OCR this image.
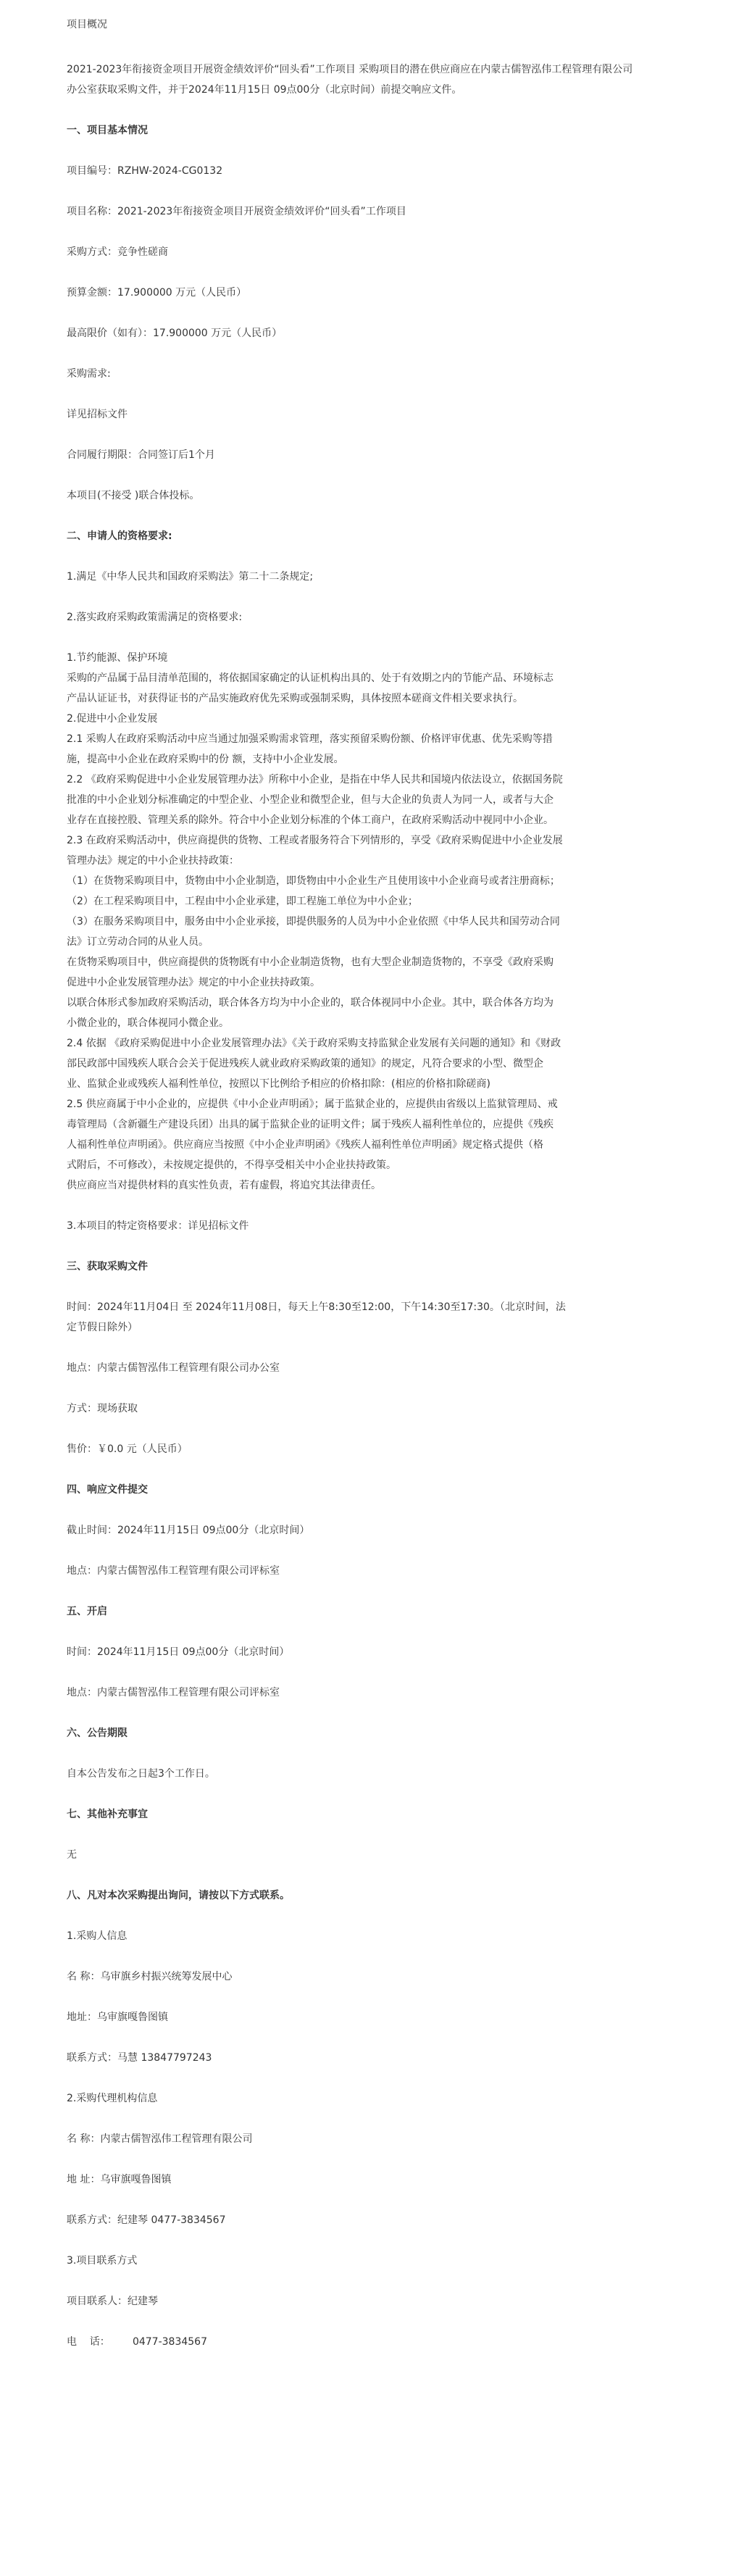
项目概况
2021-2023年衔接资金项目开展资金绩效评价“回头看”工作项目 采购项目的潜在供应商应在内蒙古儒智泓伟工程管理有限公司办公室获取采购文件，并于2024年11月15日 09点00分（北京时间）前提交响应文件。
一、项目基本情况
项目编号：RZHW-2024-CG0132
项目名称：2021-2023年衔接资金项目开展资金绩效评价“回头看”工作项目
采购方式：竞争性磋商
预算金额：17.900000 万元（人民币）
最高限价（如有）：17.900000 万元（人民币）
采购需求:
详见招标文件
合同履行期限：合同签订后1个月
本项目(不接受 )联合体投标。
二、申请人的资格要求:
1.满足《中华人民共和国政府采购法》第二十二条规定;
2.落实政府采购政策需满足的资格要求:
1.节约能源、保护环境
采购的产品属于品目清单范围的，将依据国家确定的认证机构出具的、处于有效期之内的节能产品、环境标志
产品认证证书，对获得证书的产品实施政府优先采购或强制采购，具体按照本磋商文件相关要求执行。
2.促进中小企业发展
2.1 采购人在政府采购活动中应当通过加强采购需求管理，落实预留采购份额、价格评审优惠、优先采购等措
施，提高中小企业在政府采购中的份 额，支持中小企业发展。
2.2 《政府采购促进中小企业发展管理办法》所称中小企业，是指在中华人民共和国境内依法设立，依据国务院
批准的中小企业划分标准确定的中型企业、小型企业和微型企业，但与大企业的负责人为同一人，或者与大企
业存在直接控股、管理关系的除外。符合中小企业划分标准的个体工商户，在政府采购活动中视同中小企业。
2.3 在政府采购活动中，供应商提供的货物、工程或者服务符合下列情形的，享受《政府采购促进中小企业发展
管理办法》规定的中小企业扶持政策：
（1）在货物采购项目中，货物由中小企业制造，即货物由中小企业生产且使用该中小企业商号或者注册商标；
（2）在工程采购项目中，工程由中小企业承建，即工程施工单位为中小企业；
（3）在服务采购项目中，服务由中小企业承接，即提供服务的人员为中小企业依照《中华人民共和国劳动合同
法》订立劳动合同的从业人员。
在货物采购项目中，供应商提供的货物既有中小企业制造货物，也有大型企业制造货物的，不享受《政府采购
促进中小企业发展管理办法》规定的中小企业扶持政策。
以联合体形式参加政府采购活动，联合体各方均为中小企业的，联合体视同中小企业。其中，联合体各方均为
小微企业的，联合体视同小微企业。
2.4 依据 《政府采购促进中小企业发展管理办法》《关于政府采购支持监狱企业发展有关问题的通知》和《财政
部民政部中国残疾人联合会关于促进残疾人就业政府采购政策的通知》的规定，凡符合要求的小型、微型企
业、监狱企业或残疾人福利性单位，按照以下比例给予相应的价格扣除：(相应的价格扣除磋商)
2.5 供应商属于中小企业的，应提供《中小企业声明函》；属于监狱企业的，应提供由省级以上监狱管理局、戒
毒管理局（含新疆生产建设兵团）出具的属于监狱企业的证明文件；属于残疾人福利性单位的，应提供《残疾
人福利性单位声明函》。供应商应当按照《中小企业声明函》《残疾人福利性单位声明函》规定格式提供（格
式附后，不可修改），未按规定提供的，不得享受相关中小企业扶持政策。
供应商应当对提供材料的真实性负责，若有虚假，将追究其法律责任。
3.本项目的特定资格要求：详见招标文件
三、获取采购文件
时间：2024年11月04日 至 2024年11月08日，每天上午8:30至12:00，下午14:30至17:30。（北京时间，法
定节假日除外）
地点：内蒙古儒智泓伟工程管理有限公司办公室
方式：现场获取
售价：￥0.0 元（人民币）
四、响应文件提交
截止时间：2024年11月15日 09点00分（北京时间）
地点：内蒙古儒智泓伟工程管理有限公司评标室
五、开启
时间：2024年11月15日 09点00分（北京时间）
地点：内蒙古儒智泓伟工程管理有限公司评标室
六、公告期限
自本公告发布之日起3个工作日。
七、其他补充事宜
无
八、凡对本次采购提出询问，请按以下方式联系。
1.采购人信息
名 称：乌审旗乡村振兴统筹发展中心
地址：乌审旗嘎鲁图镇
联系方式：马慧 13847797243
2.采购代理机构信息
名 称：内蒙古儒智泓伟工程管理有限公司
地 址：乌审旗嘎鲁图镇
联系方式：纪建琴 0477-3834567
3.项目联系方式
项目联系人：纪建琴
电    话：       0477-3834567
